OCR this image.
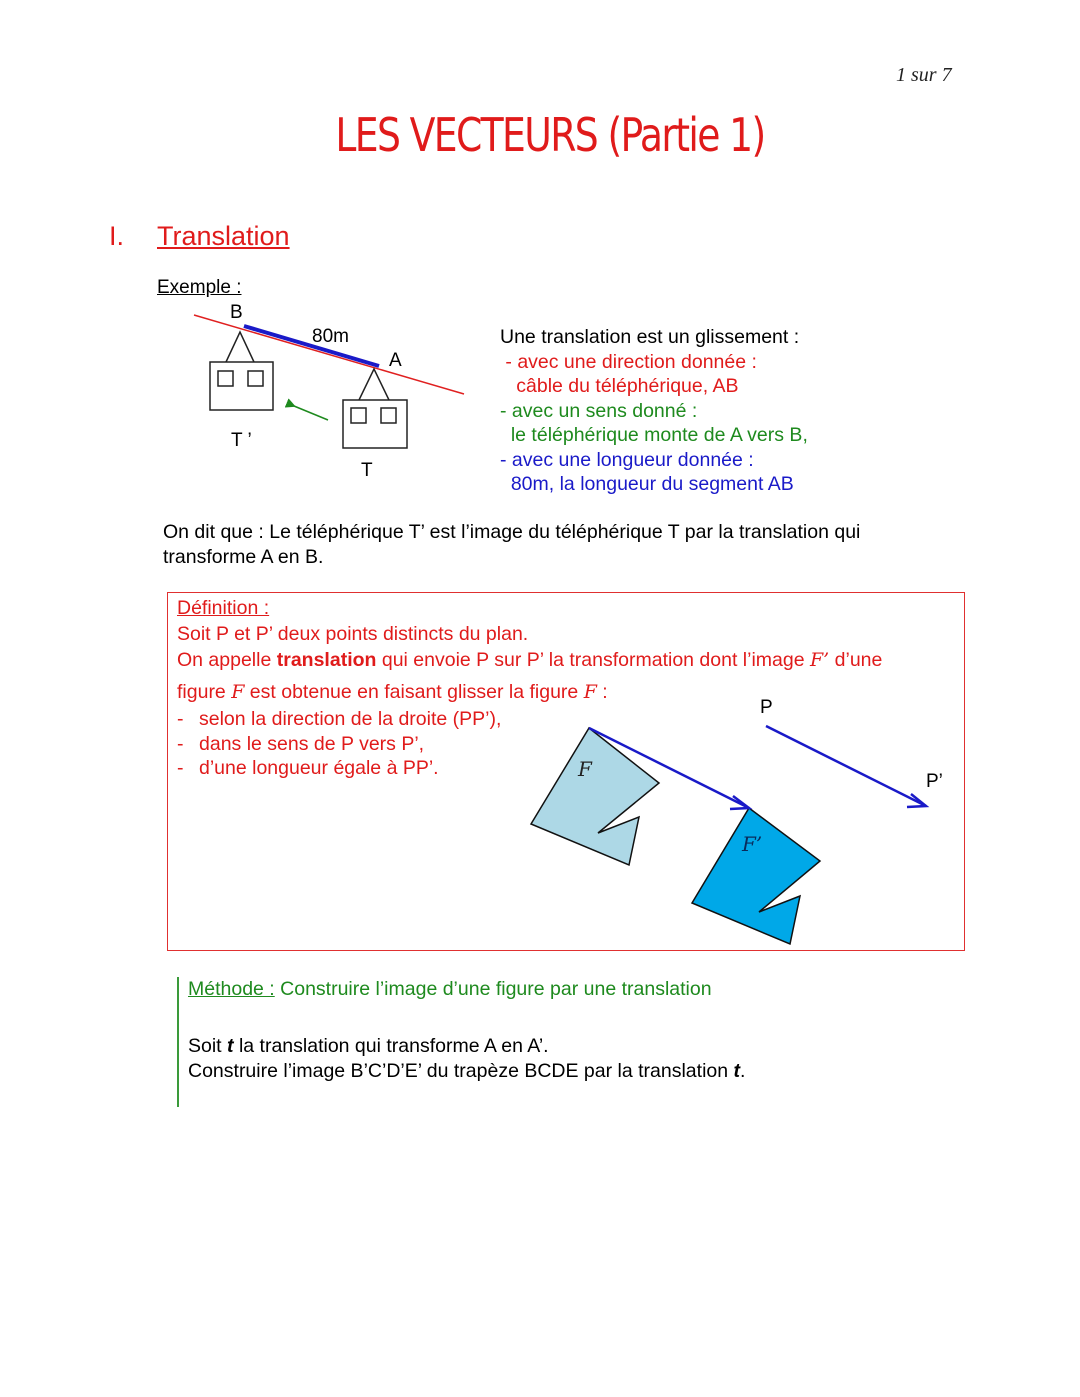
1 sur 7
LES VECTEURS (Partie 1)
I. Translation
Exemple :
B
80m
A
T ’
T
Une translation est un glissement :
- avec une direction donnée :
câble du téléphérique, AB
- avec un sens donné :
le téléphérique monte de A vers B,
- avec une longueur donnée :
80m, la longueur du segment AB
On dit que : Le téléphérique T’ est l’image du téléphérique T par la translation qui
transforme A en B.
Définition :
Soit P et P’ deux points distincts du plan.
On appelle translation qui envoie P sur P’ la transformation dont l’image F’ d’une
figure F est obtenue en faisant glisser la figure F :
- selon la direction de la droite (PP’),
- dans le sens de P vers P’,
- d’une longueur égale à PP’.
P
P’
F
F’
Méthode : Construire l’image d’une figure par une translation
Soit t la translation qui transforme A en A’.
Construire l’image B’C’D’E’ du trapèze BCDE par la translation t.
